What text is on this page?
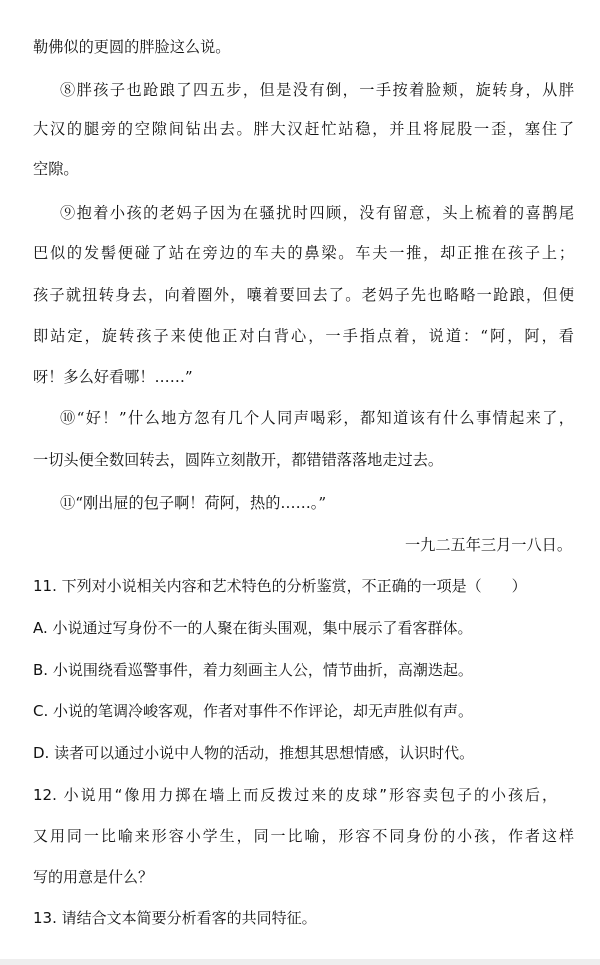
勒佛似的更圆的胖脸这么说。
⑧胖孩子也跄踉了四五步，但是没有倒，一手按着脸颊，旋转身，从胖
大汉的腿旁的空隙间钻出去。胖大汉赶忙站稳，并且将屁股一歪，塞住了
空隙。
⑨抱着小孩的老妈子因为在骚扰时四顾，没有留意，头上梳着的喜鹊尾
巴似的发髻便碰了站在旁边的车夫的鼻梁。车夫一推，却正推在孩子上；
孩子就扭转身去，向着圈外，嚷着要回去了。老妈子先也略略一跄踉，但便
即站定，旋转孩子来使他正对白背心，一手指点着，说道：“阿，阿，看
呀！多么好看哪！……”
⑩“好！”什么地方忽有几个人同声喝彩，都知道该有什么事情起来了，
一切头便全数回转去，圆阵立刻散开，都错错落落地走过去。
⑪“刚出屉的包子啊！荷阿，热的……。”
一九二五年三月一八日。
11. 下列对小说相关内容和艺术特色的分析鉴赏，不正确的一项是（　　）
A. 小说通过写身份不一的人聚在街头围观，集中展示了看客群体。
B. 小说围绕看巡警事件，着力刻画主人公，情节曲折，高潮迭起。
C. 小说的笔调冷峻客观，作者对事件不作评论，却无声胜似有声。
D. 读者可以通过小说中人物的活动，推想其思想情感，认识时代。
12. 小说用“像用力掷在墙上而反拨过来的皮球”形容卖包子的小孩后，
又用同一比喻来形容小学生，同一比喻，形容不同身份的小孩，作者这样
写的用意是什么？
13. 请结合文本简要分析看客的共同特征。
